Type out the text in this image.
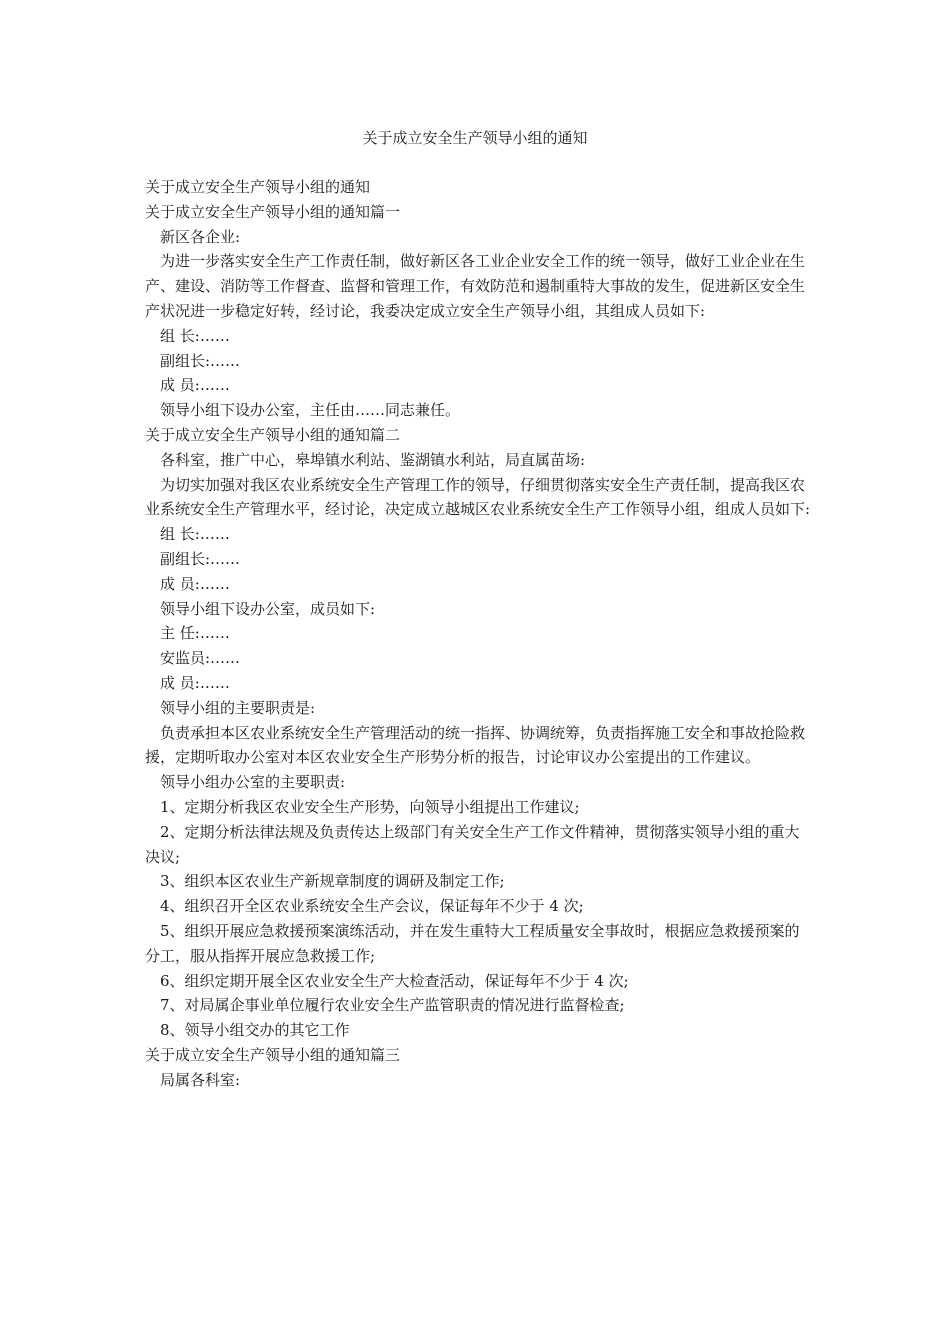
关于成立安全生产领导小组的通知

关于成立安全生产领导小组的通知

关于成立安全生产领导小组的通知篇一

新区各企业:

为进一步落实安全生产工作责任制，做好新区各工业企业安全工作的统一领导，做好工业企业在生产、建设、消防等工作督查、监督和管理工作，有效防范和遏制重特大事故的发生，促进新区安全生产状况进一步稳定好转，经讨论，我委决定成立安全生产领导小组，其组成人员如下:

组 长:……

副组长:……

成 员:……

领导小组下设办公室，主任由……同志兼任。

关于成立安全生产领导小组的通知篇二

各科室，推广中心，皋埠镇水利站、鉴湖镇水利站，局直属苗场:

为切实加强对我区农业系统安全生产管理工作的领导，仔细贯彻落实安全生产责任制，提高我区农业系统安全生产管理水平，经讨论，决定成立越城区农业系统安全生产工作领导小组，组成人员如下:

组 长:……

副组长:……

成 员:……

领导小组下设办公室，成员如下:

主 任:……

安监员:……

成 员:……

领导小组的主要职责是:

负责承担本区农业系统安全生产管理活动的统一指挥、协调统筹，负责指挥施工安全和事故抢险救援，定期听取办公室对本区农业安全生产形势分析的报告，讨论审议办公室提出的工作建议。

领导小组办公室的主要职责:

1、定期分析我区农业安全生产形势，向领导小组提出工作建议;

2、定期分析法律法规及负责传达上级部门有关安全生产工作文件精神，贯彻落实领导小组的重大决议;

3、组织本区农业生产新规章制度的调研及制定工作;

4、组织召开全区农业系统安全生产会议，保证每年不少于 4 次;

5、组织开展应急救援预案演练活动，并在发生重特大工程质量安全事故时，根据应急救援预案的分工，服从指挥开展应急救援工作;

6、组织定期开展全区农业安全生产大检查活动，保证每年不少于 4 次;

7、对局属企事业单位履行农业安全生产监管职责的情况进行监督检查;

8、领导小组交办的其它工作

关于成立安全生产领导小组的通知篇三

局属各科室:
